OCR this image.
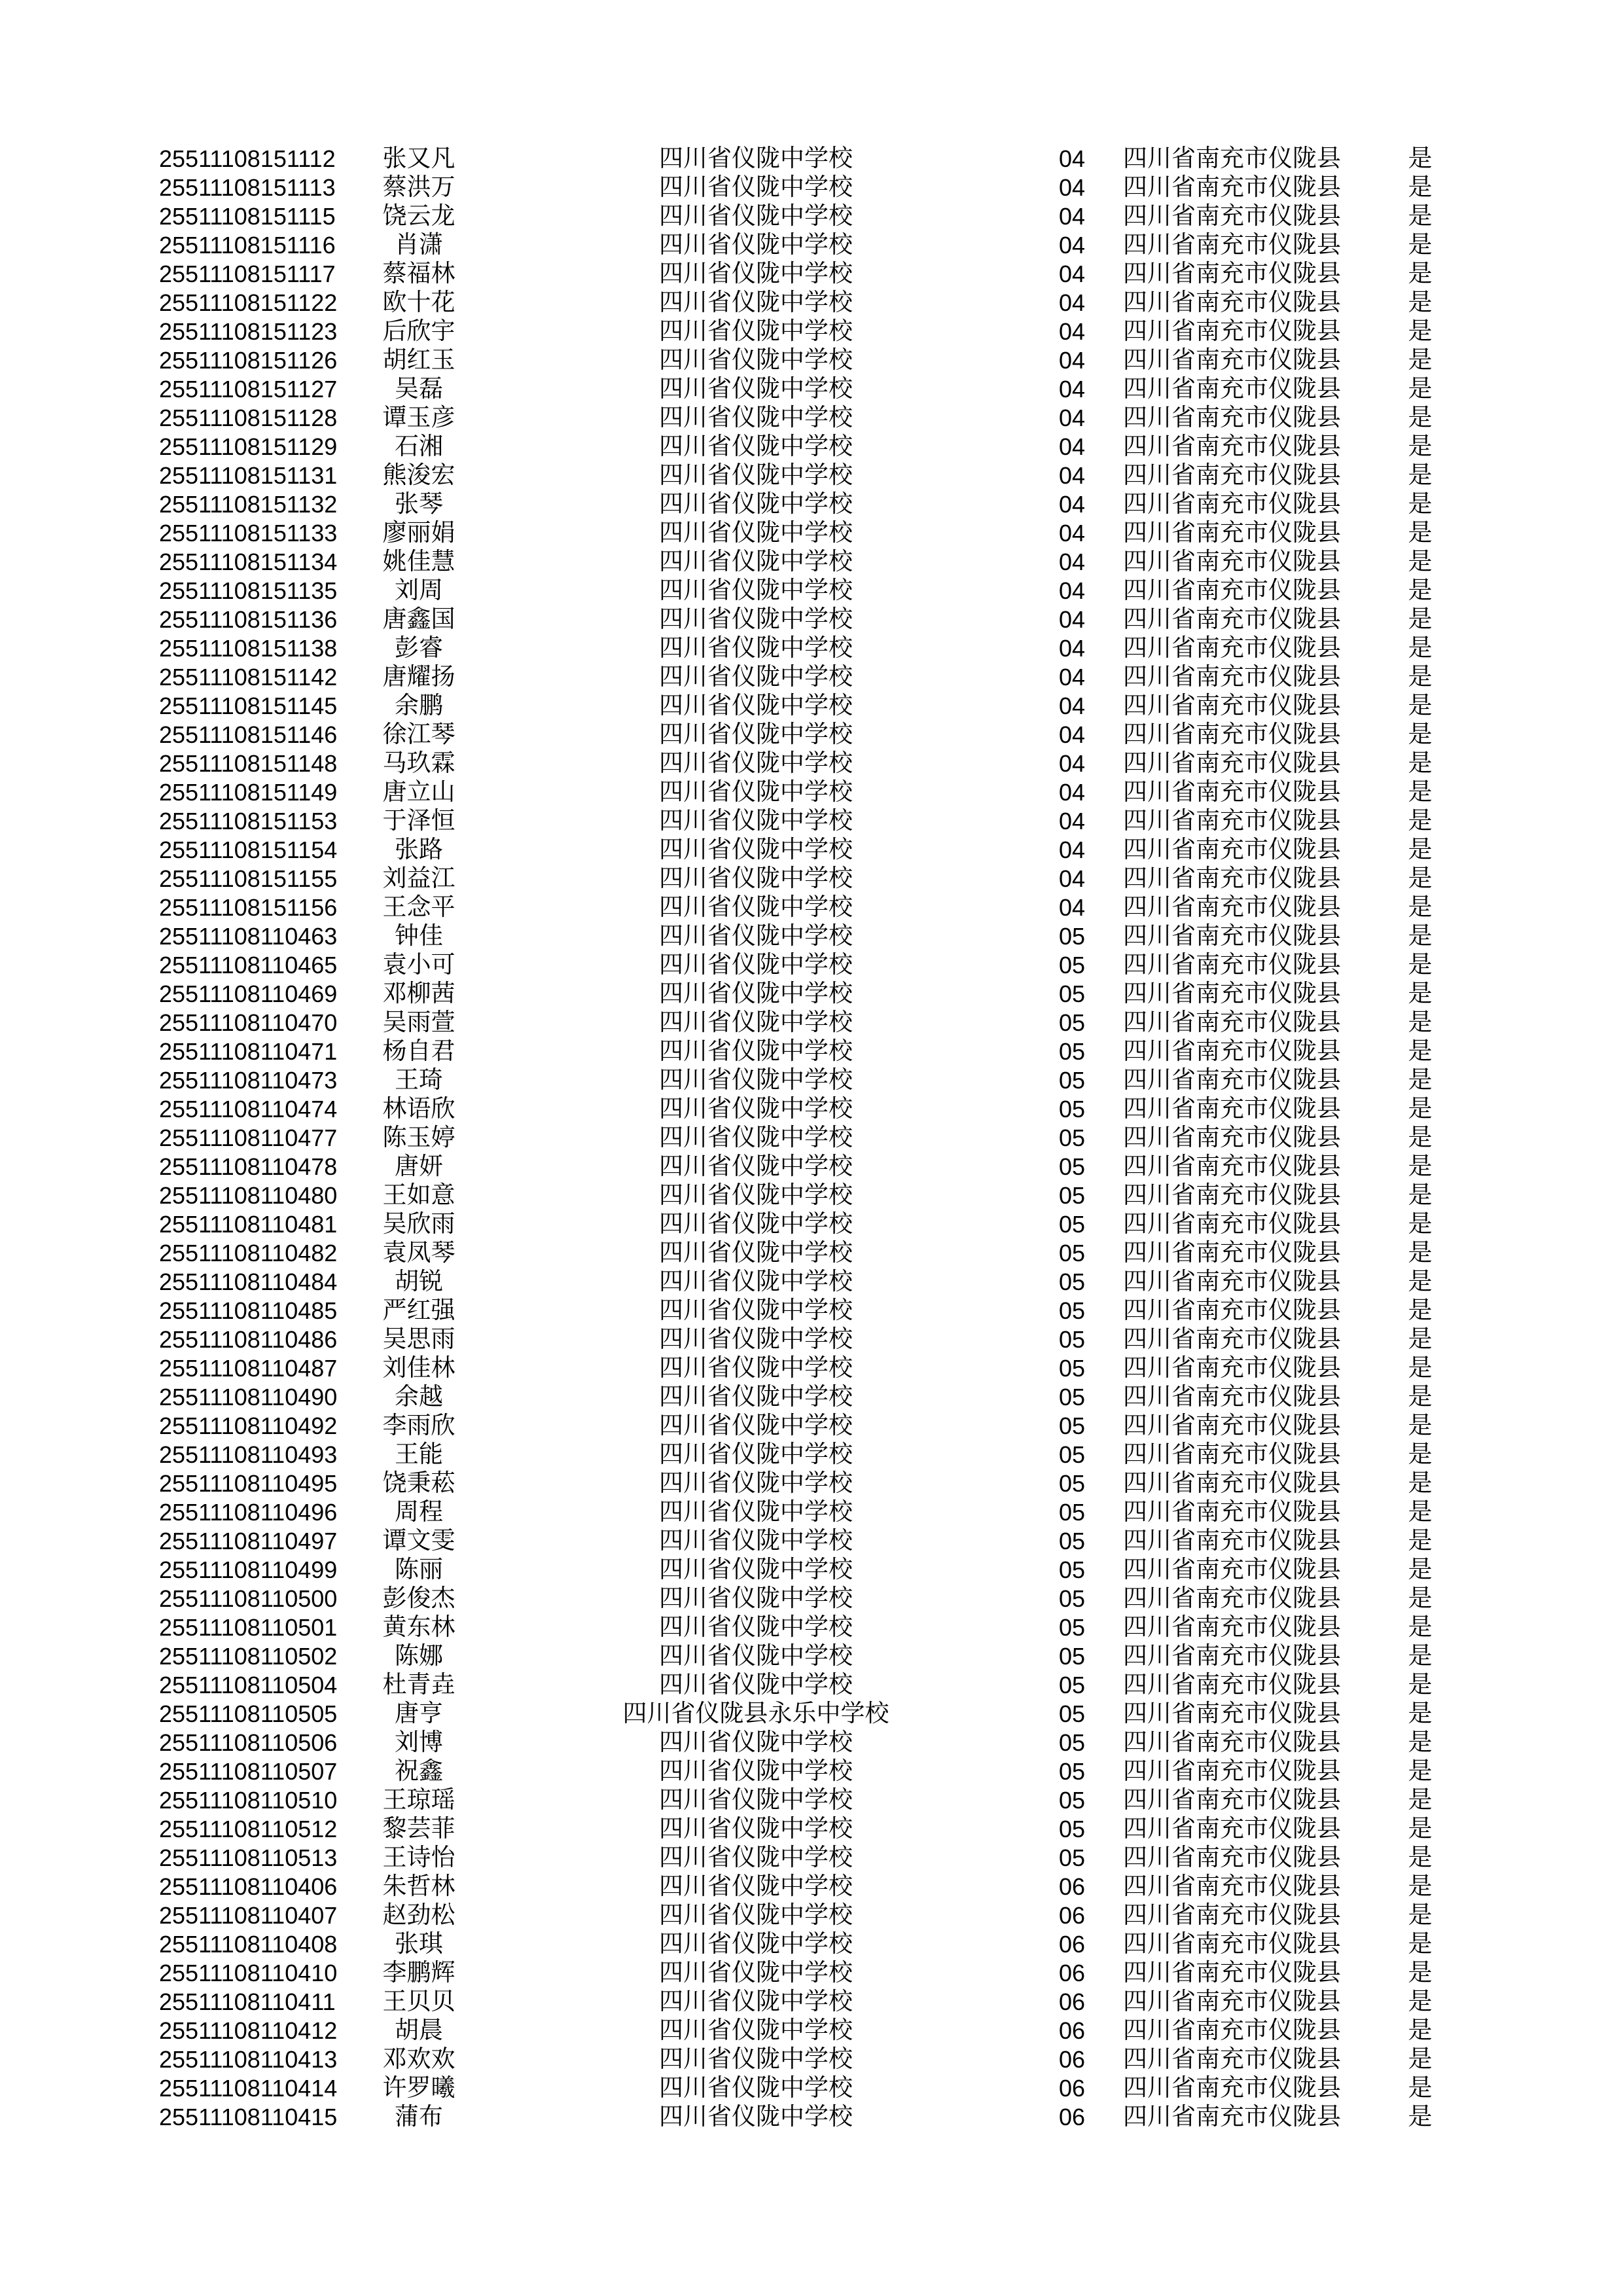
25511108151112	张又凡	四川省仪陇中学校	04	四川省南充市仪陇县	是
25511108151113	蔡洪万	四川省仪陇中学校	04	四川省南充市仪陇县	是
25511108151115	饶云龙	四川省仪陇中学校	04	四川省南充市仪陇县	是
25511108151116	肖潇	四川省仪陇中学校	04	四川省南充市仪陇县	是
25511108151117	蔡福林	四川省仪陇中学校	04	四川省南充市仪陇县	是
25511108151122	欧十花	四川省仪陇中学校	04	四川省南充市仪陇县	是
25511108151123	后欣宇	四川省仪陇中学校	04	四川省南充市仪陇县	是
25511108151126	胡红玉	四川省仪陇中学校	04	四川省南充市仪陇县	是
25511108151127	吴磊	四川省仪陇中学校	04	四川省南充市仪陇县	是
25511108151128	谭玉彦	四川省仪陇中学校	04	四川省南充市仪陇县	是
25511108151129	石湘	四川省仪陇中学校	04	四川省南充市仪陇县	是
25511108151131	熊浚宏	四川省仪陇中学校	04	四川省南充市仪陇县	是
25511108151132	张琴	四川省仪陇中学校	04	四川省南充市仪陇县	是
25511108151133	廖丽娟	四川省仪陇中学校	04	四川省南充市仪陇县	是
25511108151134	姚佳慧	四川省仪陇中学校	04	四川省南充市仪陇县	是
25511108151135	刘周	四川省仪陇中学校	04	四川省南充市仪陇县	是
25511108151136	唐鑫国	四川省仪陇中学校	04	四川省南充市仪陇县	是
25511108151138	彭睿	四川省仪陇中学校	04	四川省南充市仪陇县	是
25511108151142	唐耀扬	四川省仪陇中学校	04	四川省南充市仪陇县	是
25511108151145	余鹏	四川省仪陇中学校	04	四川省南充市仪陇县	是
25511108151146	徐江琴	四川省仪陇中学校	04	四川省南充市仪陇县	是
25511108151148	马玖霖	四川省仪陇中学校	04	四川省南充市仪陇县	是
25511108151149	唐立山	四川省仪陇中学校	04	四川省南充市仪陇县	是
25511108151153	于泽恒	四川省仪陇中学校	04	四川省南充市仪陇县	是
25511108151154	张路	四川省仪陇中学校	04	四川省南充市仪陇县	是
25511108151155	刘益江	四川省仪陇中学校	04	四川省南充市仪陇县	是
25511108151156	王念平	四川省仪陇中学校	04	四川省南充市仪陇县	是
25511108110463	钟佳	四川省仪陇中学校	05	四川省南充市仪陇县	是
25511108110465	袁小可	四川省仪陇中学校	05	四川省南充市仪陇县	是
25511108110469	邓柳茜	四川省仪陇中学校	05	四川省南充市仪陇县	是
25511108110470	吴雨萱	四川省仪陇中学校	05	四川省南充市仪陇县	是
25511108110471	杨自君	四川省仪陇中学校	05	四川省南充市仪陇县	是
25511108110473	王琦	四川省仪陇中学校	05	四川省南充市仪陇县	是
25511108110474	林语欣	四川省仪陇中学校	05	四川省南充市仪陇县	是
25511108110477	陈玉婷	四川省仪陇中学校	05	四川省南充市仪陇县	是
25511108110478	唐妍	四川省仪陇中学校	05	四川省南充市仪陇县	是
25511108110480	王如意	四川省仪陇中学校	05	四川省南充市仪陇县	是
25511108110481	吴欣雨	四川省仪陇中学校	05	四川省南充市仪陇县	是
25511108110482	袁凤琴	四川省仪陇中学校	05	四川省南充市仪陇县	是
25511108110484	胡锐	四川省仪陇中学校	05	四川省南充市仪陇县	是
25511108110485	严红强	四川省仪陇中学校	05	四川省南充市仪陇县	是
25511108110486	吴思雨	四川省仪陇中学校	05	四川省南充市仪陇县	是
25511108110487	刘佳林	四川省仪陇中学校	05	四川省南充市仪陇县	是
25511108110490	余越	四川省仪陇中学校	05	四川省南充市仪陇县	是
25511108110492	李雨欣	四川省仪陇中学校	05	四川省南充市仪陇县	是
25511108110493	王能	四川省仪陇中学校	05	四川省南充市仪陇县	是
25511108110495	饶秉菘	四川省仪陇中学校	05	四川省南充市仪陇县	是
25511108110496	周程	四川省仪陇中学校	05	四川省南充市仪陇县	是
25511108110497	谭文雯	四川省仪陇中学校	05	四川省南充市仪陇县	是
25511108110499	陈丽	四川省仪陇中学校	05	四川省南充市仪陇县	是
25511108110500	彭俊杰	四川省仪陇中学校	05	四川省南充市仪陇县	是
25511108110501	黄东林	四川省仪陇中学校	05	四川省南充市仪陇县	是
25511108110502	陈娜	四川省仪陇中学校	05	四川省南充市仪陇县	是
25511108110504	杜青垚	四川省仪陇中学校	05	四川省南充市仪陇县	是
25511108110505	唐亨	四川省仪陇县永乐中学校	05	四川省南充市仪陇县	是
25511108110506	刘博	四川省仪陇中学校	05	四川省南充市仪陇县	是
25511108110507	祝鑫	四川省仪陇中学校	05	四川省南充市仪陇县	是
25511108110510	王琼瑶	四川省仪陇中学校	05	四川省南充市仪陇县	是
25511108110512	黎芸菲	四川省仪陇中学校	05	四川省南充市仪陇县	是
25511108110513	王诗怡	四川省仪陇中学校	05	四川省南充市仪陇县	是
25511108110406	朱哲林	四川省仪陇中学校	06	四川省南充市仪陇县	是
25511108110407	赵劲松	四川省仪陇中学校	06	四川省南充市仪陇县	是
25511108110408	张琪	四川省仪陇中学校	06	四川省南充市仪陇县	是
25511108110410	李鹏辉	四川省仪陇中学校	06	四川省南充市仪陇县	是
25511108110411	王贝贝	四川省仪陇中学校	06	四川省南充市仪陇县	是
25511108110412	胡晨	四川省仪陇中学校	06	四川省南充市仪陇县	是
25511108110413	邓欢欢	四川省仪陇中学校	06	四川省南充市仪陇县	是
25511108110414	许罗曦	四川省仪陇中学校	06	四川省南充市仪陇县	是
25511108110415	蒲布	四川省仪陇中学校	06	四川省南充市仪陇县	是
